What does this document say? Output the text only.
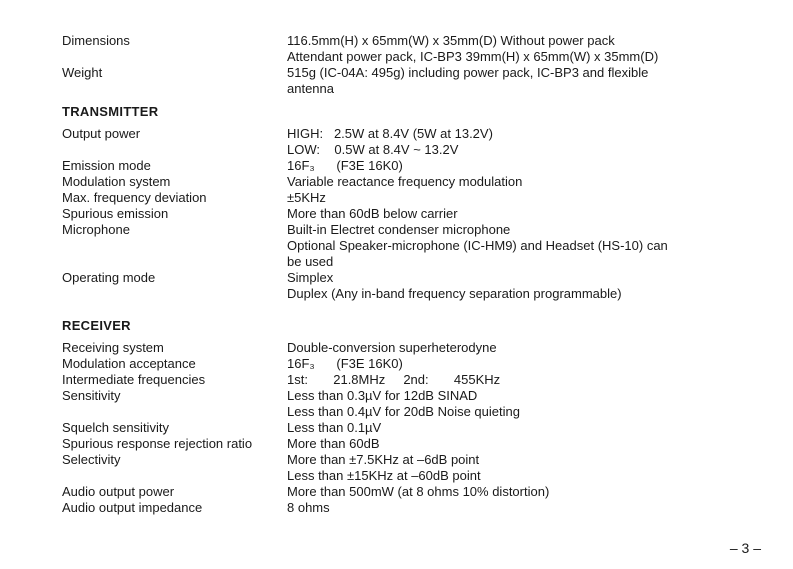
Dimensions	116.5mm(H) x 65mm(W) x 35mm(D) Without power pack
Attendant power pack, IC-BP3 39mm(H) x 65mm(W) x 35mm(D)
Weight	515g (IC-04A: 495g) including power pack, IC-BP3 and flexible
antenna
TRANSMITTER
Output power	HIGH:   2.5W at 8.4V (5W at 13.2V)
LOW:    0.5W at 8.4V ~ 13.2V
Emission mode	16F₃      (F3E 16K0)
Modulation system	Variable reactance frequency modulation
Max. frequency deviation	±5KHz
Spurious emission	More than 60dB below carrier
Microphone	Built-in Electret condenser microphone
Optional Speaker-microphone (IC-HM9) and Headset (HS-10) can
be used
Operating mode	Simplex
Duplex (Any in-band frequency separation programmable)
RECEIVER
Receiving system	Double-conversion superheterodyne
Modulation acceptance	16F₃      (F3E 16K0)
Intermediate frequencies	1st:       21.8MHz     2nd:       455KHz
Sensitivity	Less than 0.3µV for 12dB SINAD
Less than 0.4µV for 20dB Noise quieting
Squelch sensitivity	Less than 0.1µV
Spurious response rejection ratio	More than 60dB
Selectivity	More than ±7.5KHz at –6dB point
Less than ±15KHz at –60dB point
Audio output power	More than 500mW (at 8 ohms 10% distortion)
Audio output impedance	8 ohms
– 3 –
